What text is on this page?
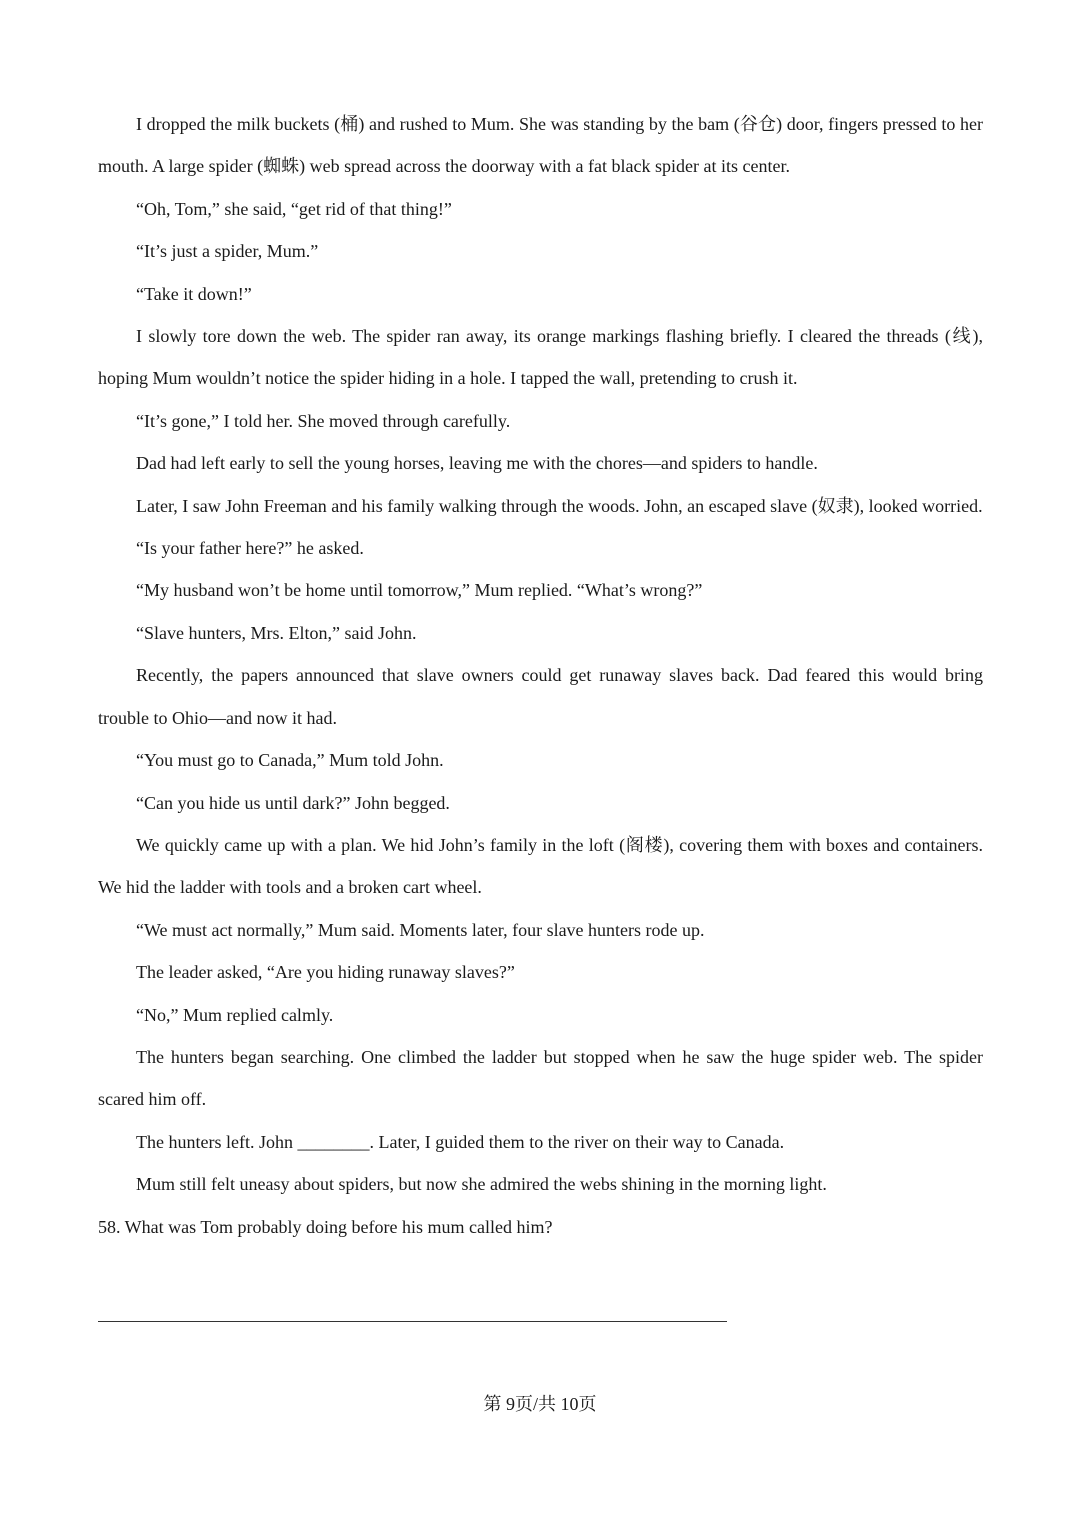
I dropped the milk buckets (桶) and rushed to Mum. She was standing by the bam (谷仓) door, fingers pressed to her mouth. A large spider (蜘蛛) web spread across the doorway with a fat black spider at its center.

“Oh, Tom,” she said, “get rid of that thing!”

“It’s just a spider, Mum.”

“Take it down!”

I slowly tore down the web. The spider ran away, its orange markings flashing briefly. I cleared the threads (线), hoping Mum wouldn’t notice the spider hiding in a hole. I tapped the wall, pretending to crush it.

“It’s gone,” I told her. She moved through carefully.

Dad had left early to sell the young horses, leaving me with the chores—and spiders to handle.

Later, I saw John Freeman and his family walking through the woods. John, an escaped slave (奴隶), looked worried.

“Is your father here?” he asked.

“My husband won’t be home until tomorrow,” Mum replied. “What’s wrong?”

“Slave hunters, Mrs. Elton,” said John.

Recently, the papers announced that slave owners could get runaway slaves back. Dad feared this would bring trouble to Ohio—and now it had.

“You must go to Canada,” Mum told John.

“Can you hide us until dark?” John begged.

We quickly came up with a plan. We hid John’s family in the loft (阁楼), covering them with boxes and containers. We hid the ladder with tools and a broken cart wheel.

“We must act normally,” Mum said. Moments later, four slave hunters rode up.

The leader asked, “Are you hiding runaway slaves?”

“No,” Mum replied calmly.

The hunters began searching. One climbed the ladder but stopped when he saw the huge spider web. The spider scared him off.

The hunters left. John ________. Later, I guided them to the river on their way to Canada.

Mum still felt uneasy about spiders, but now she admired the webs shining in the morning light.

58. What was Tom probably doing before his mum called him?

第 9页/共 10页
